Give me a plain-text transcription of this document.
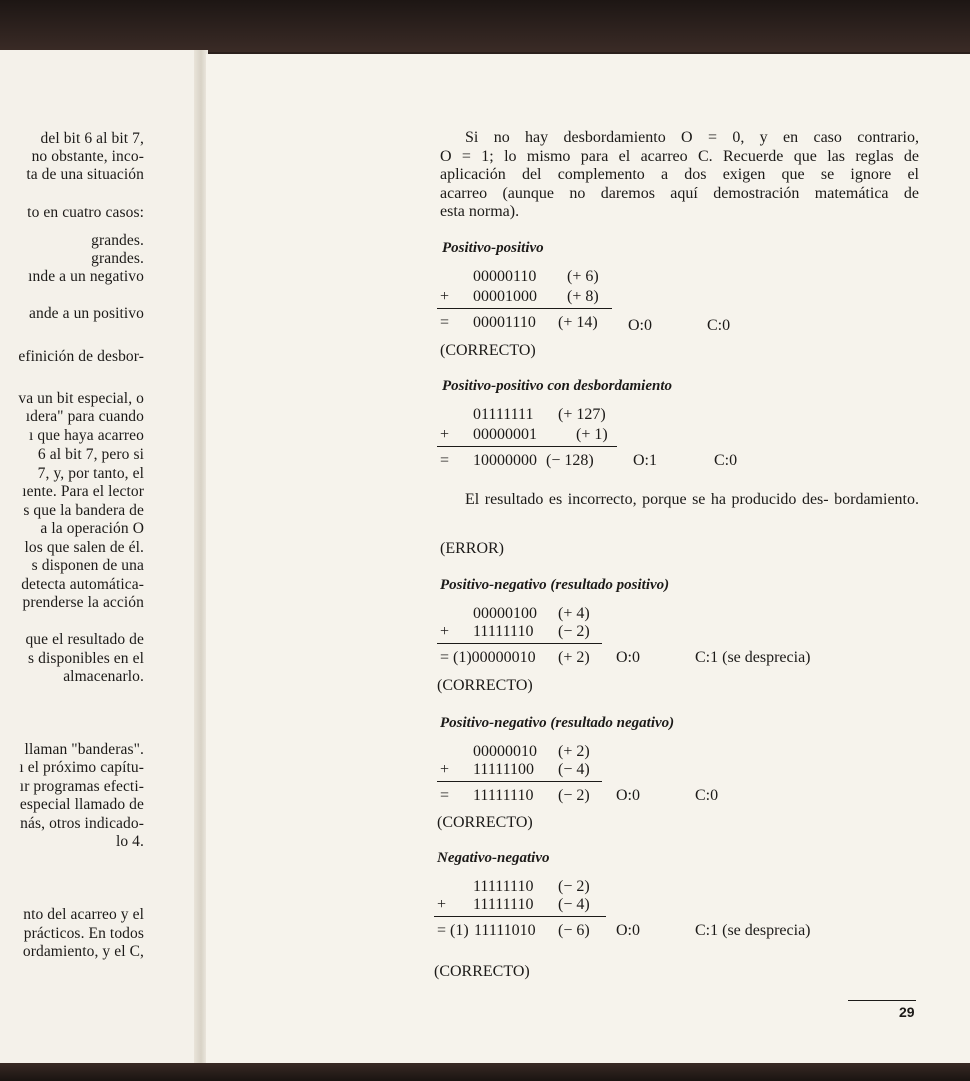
del bit 6 al bit 7,
no obstante, inco-
ta de una situación
to en cuatro casos:
grandes.
grandes.
ınde a un negativo
ande a un positivo
efinición de desbor-
va un bit especial, o
ıdera" para cuando
ı que haya acarreo
6 al bit 7, pero si
7, y, por tanto, el
ıente. Para el lector
s que la bandera de
a la operación O
los que salen de él.
s disponen de una
detecta automática-
prenderse la acción
que el resultado de
s disponibles en el
almacenarlo.
llaman "banderas".
ı el próximo capítu-
ır programas efecti-
especial llamado de
nás, otros indicado-
lo 4.
nto del acarreo y el
prácticos. En todos
ordamiento, y el C,
Si no hay desbordamiento O = 0, y en caso contrario,
O = 1; lo mismo para el acarreo C. Recuerde que las reglas de
aplicación del complemento a dos exigen que se ignore el
acarreo (aunque no daremos aquí demostración matemática de
esta norma).
Positivo-positivo
00000110 (+ 6)
+ 00001000 (+ 8)
= 00001110 (+ 14) O:0	C:0
(CORRECTO)
Positivo-positivo con desbordamiento
01111111 (+ 127)
+ 00000001 (+ 1)
= 10000000 (− 128) O:1	C:0
El resultado es incorrecto, porque se ha producido des- bordamiento.
(ERROR)
Positivo-negativo (resultado positivo)
00000100 (+ 4)
+ 11111110 (− 2)
= (1)00000010 (+ 2) O:0	C:1 (se desprecia)
(CORRECTO)
Positivo-negativo (resultado negativo)
00000010 (+ 2)
+ 11111100 (− 4)
= 11111110 (− 2) O:0	C:0
(CORRECTO)
Negativo-negativo
11111110 (− 2)
+ 11111110 (− 4)
= (1) 11111010 (− 6) O:0	C:1 (se desprecia)
(CORRECTO)
29
